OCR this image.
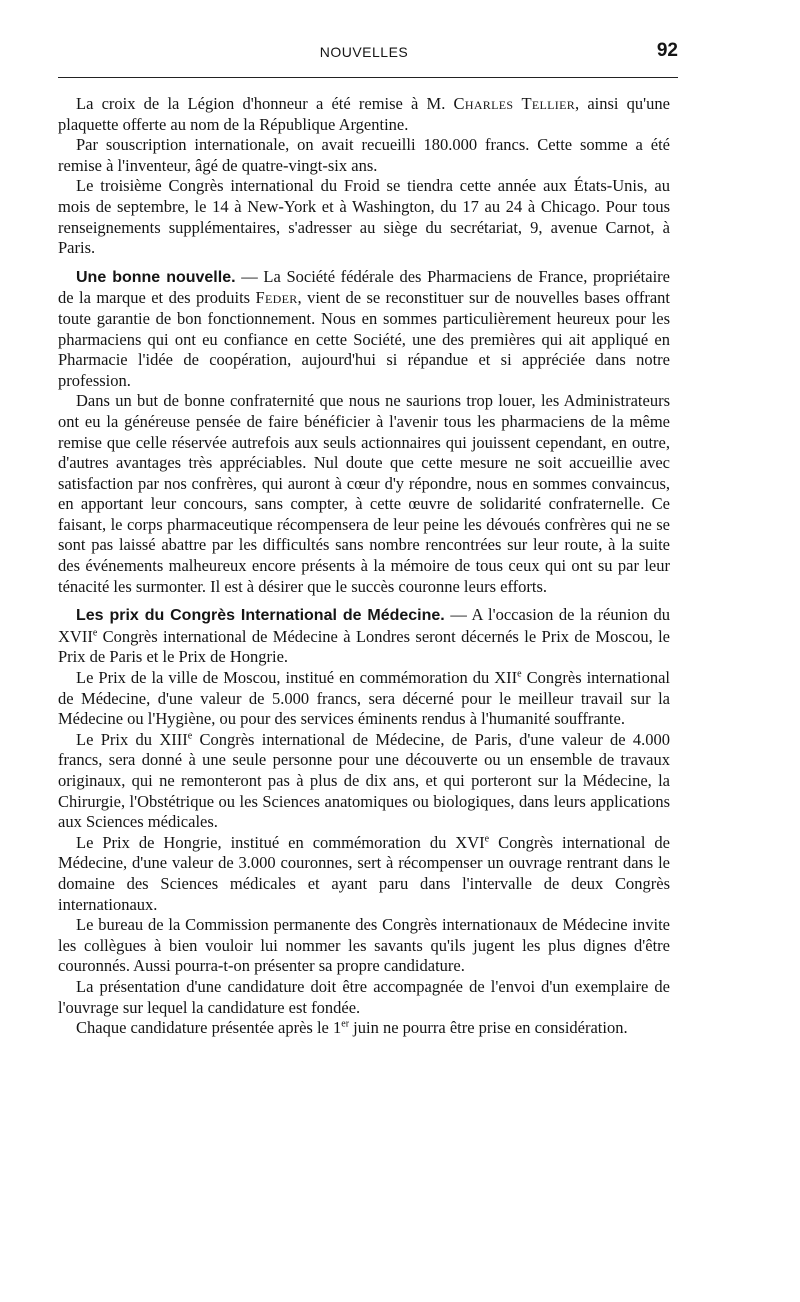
NOUVELLES	92

La croix de la Légion d'honneur a été remise à M. Charles Tellier, ainsi qu'une plaquette offerte au nom de la République Argentine.

Par souscription internationale, on avait recueilli 180.000 francs. Cette somme a été remise à l'inventeur, âgé de quatre-vingt-six ans.

Le troisième Congrès international du Froid se tiendra cette année aux États-Unis, au mois de septembre, le 14 à New-York et à Washington, du 17 au 24 à Chicago. Pour tous renseignements supplémentaires, s'adresser au siège du secrétariat, 9, avenue Carnot, à Paris.

Une bonne nouvelle. — La Société fédérale des Pharmaciens de France, propriétaire de la marque et des produits Feder, vient de se reconstituer sur de nouvelles bases offrant toute garantie de bon fonctionnement. Nous en sommes particulièrement heureux pour les pharmaciens qui ont eu confiance en cette Société, une des premières qui ait appliqué en Pharmacie l'idée de coopération, aujourd'hui si répandue et si appréciée dans notre profession.

Dans un but de bonne confraternité que nous ne saurions trop louer, les Administrateurs ont eu la généreuse pensée de faire bénéficier à l'avenir tous les pharmaciens de la même remise que celle réservée autrefois aux seuls actionnaires qui jouissent cependant, en outre, d'autres avantages très appréciables. Nul doute que cette mesure ne soit accueillie avec satisfaction par nos confrères, qui auront à cœur d'y répondre, nous en sommes convaincus, en apportant leur concours, sans compter, à cette œuvre de solidarité confraternelle. Ce faisant, le corps pharmaceutique récompensera de leur peine les dévoués confrères qui ne se sont pas laissé abattre par les difficultés sans nombre rencontrées sur leur route, à la suite des événements malheureux encore présents à la mémoire de tous ceux qui ont su par leur ténacité les surmonter. Il est à désirer que le succès couronne leurs efforts.

Les prix du Congrès International de Médecine. — A l'occasion de la réunion du XVIIe Congrès international de Médecine à Londres seront décernés le Prix de Moscou, le Prix de Paris et le Prix de Hongrie.

Le Prix de la ville de Moscou, institué en commémoration du XIIe Congrès international de Médecine, d'une valeur de 5.000 francs, sera décerné pour le meilleur travail sur la Médecine ou l'Hygiène, ou pour des services éminents rendus à l'humanité souffrante.

Le Prix du XIIIe Congrès international de Médecine, de Paris, d'une valeur de 4.000 francs, sera donné à une seule personne pour une découverte ou un ensemble de travaux originaux, qui ne remonteront pas à plus de dix ans, et qui porteront sur la Médecine, la Chirurgie, l'Obstétrique ou les Sciences anatomiques ou biologiques, dans leurs applications aux Sciences médicales.

Le Prix de Hongrie, institué en commémoration du XVIe Congrès international de Médecine, d'une valeur de 3.000 couronnes, sert à récompenser un ouvrage rentrant dans le domaine des Sciences médicales et ayant paru dans l'intervalle de deux Congrès internationaux.

Le bureau de la Commission permanente des Congrès internationaux de Médecine invite les collègues à bien vouloir lui nommer les savants qu'ils jugent les plus dignes d'être couronnés. Aussi pourra-t-on présenter sa propre candidature.

La présentation d'une candidature doit être accompagnée de l'envoi d'un exemplaire de l'ouvrage sur lequel la candidature est fondée.

Chaque candidature présentée après le 1er juin ne pourra être prise en considération.
